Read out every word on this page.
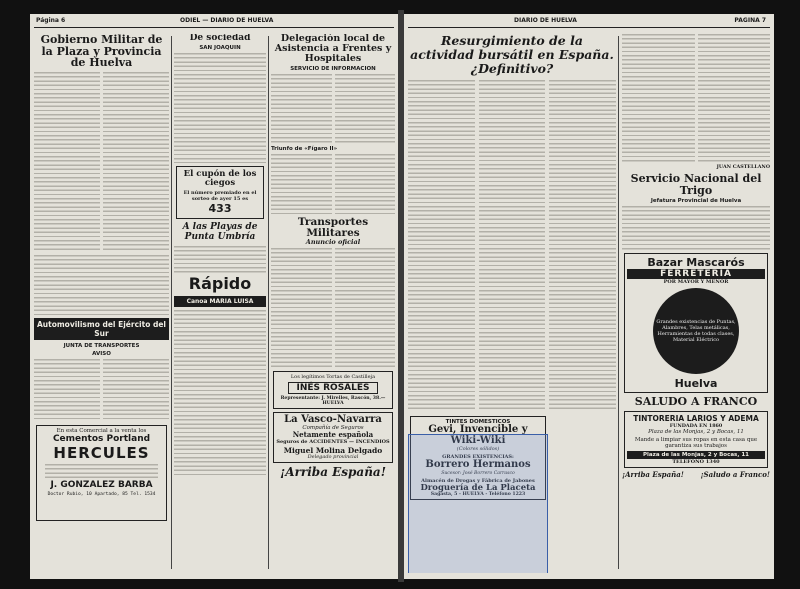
Página 6	ODIEL — DIARIO DE HUELVA
Gobierno Militar de la Plaza y Provincia de Huelva
Automovilismo del Ejército del Sur
JUNTA DE TRANSPORTES
AVISO
En esta Comercial a la venta los
Cementos Portland
HERCULES
J. GONZALEZ BARBA
Doctor Rubio, 10 Apartado, 85 Tel. 1534
De sociedad
SAN JOAQUIN
El cupón de los ciegos
El número premiado en el sorteo de ayer 15 es
433
A las Playas de Punta Umbría
Rápido
Canoa MARIA LUISA
Delegación local de Asistencia a Frentes y Hospitales
SERVICIO DE INFORMACION
Triunfo de «Fígaro II»
Transportes Militares
Anuncio oficial
Los legítimos Tortas de Castilleja
INÉS ROSALES
Representante: J. Mirelles, Rascón, 38.—HUELVA
La Vasco-Navarra
Compañía de Seguros
Netamente española
Seguros de ACCIDENTES — INCENDIOS
Miguel Molina Delgado
Delegado provincial
¡Arriba España!
DIARIO DE HUELVA	PAGINA 7
Resurgimiento de la actividad bursátil en España. ¿Definitivo?
TINTES DOMESTICOS
Gevi, Invencible y Wiki-Wiki
(Colores sólidos)
GRANDES EXISTENCIAS:
Borrero Hermanos
Sucesor: José Borrero Carrasco
Almacén de Drogas y Fábrica de Jabones
Droguería de La Placeta
Sagasta, 5 - HUELVA - Teléfono 1223
JUAN CASTELLANO
Servicio Nacional del Trigo
Jefatura Provincial de Huelva
Bazar Mascarós
FERRETERIA
POR MAYOR Y MENOR
Grandes existencias de Puntas, Alambres, Telas metálicas, Herramientas de todas clases, Material Eléctrico
Huelva
SALUDO A FRANCO
TINTORERIA LARIOS Y ADEMA
FUNDADA EN 1860
Plaza de las Monjas, 2 y Bocas, 11
Mande a limpiar sus ropas en esta casa que garantiza sus trabajos
Plaza de las Monjas, 2 y Bocas, 11
TELEFONO 1340
¡Arriba España! ¡Saludo a Franco!
